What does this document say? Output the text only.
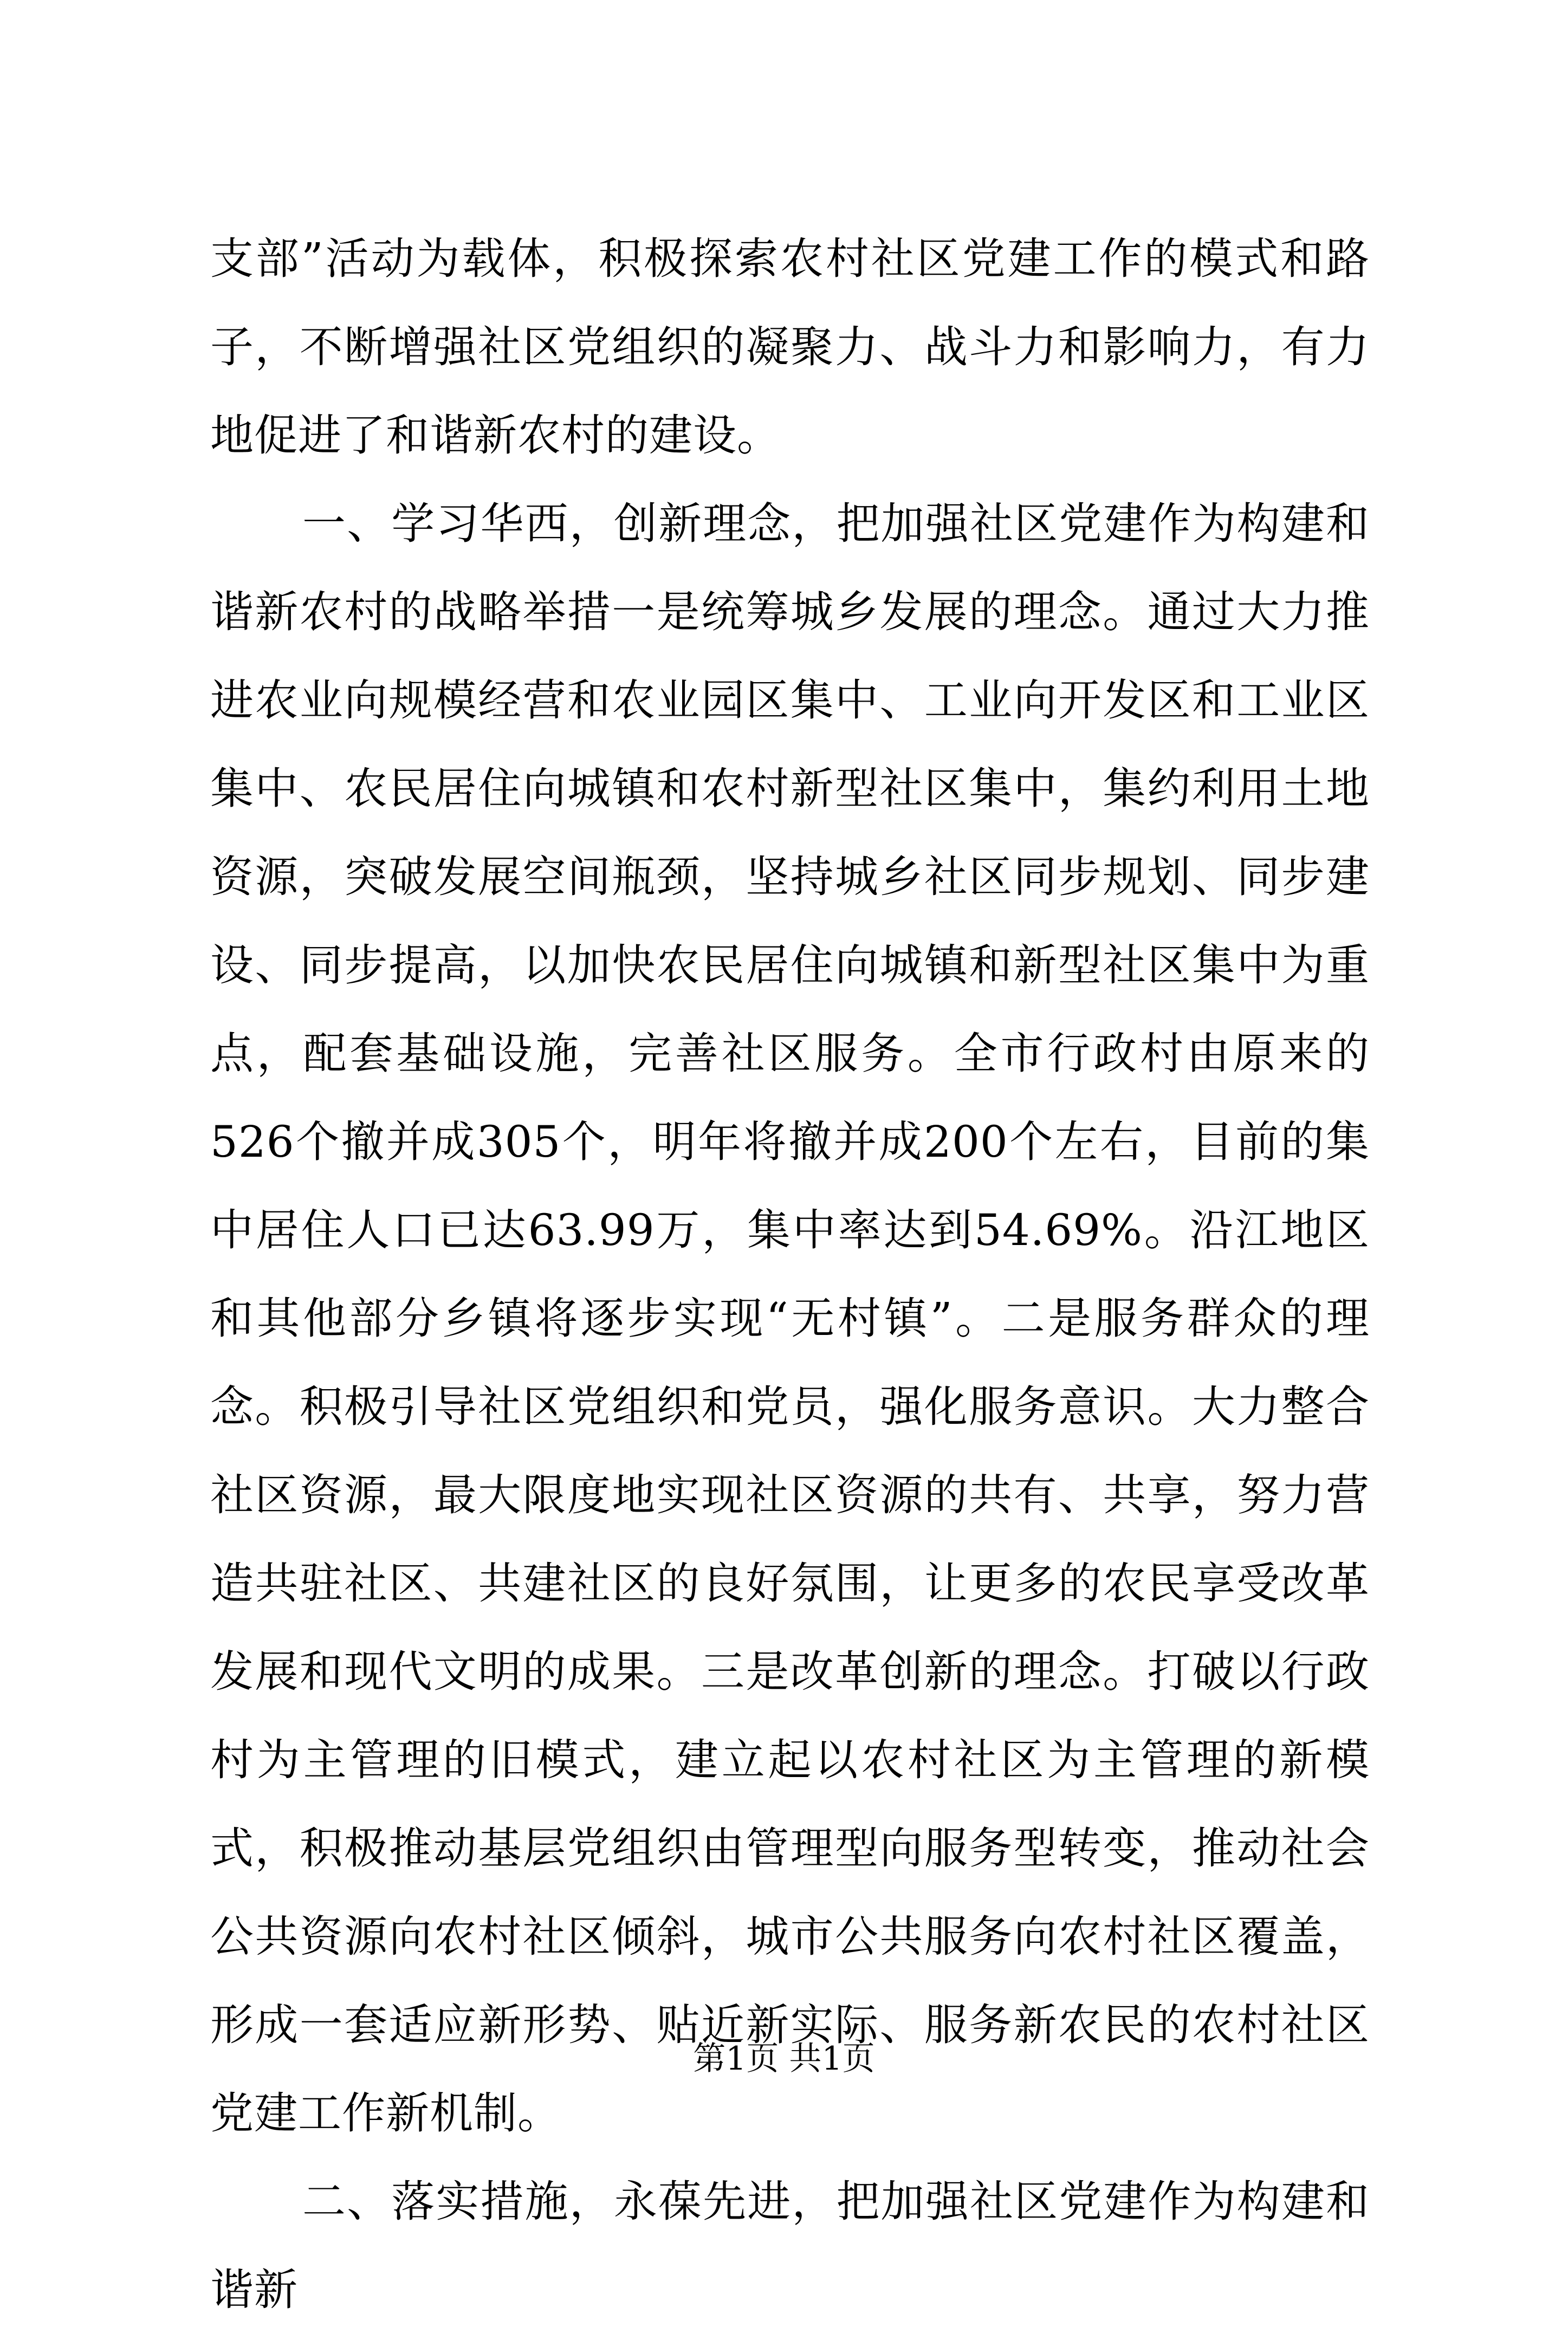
支部”活动为载体，积极探索农村社区党建工作的模式和路子，不断增强社区党组织的凝聚力、战斗力和影响力，有力地促进了和谐新农村的建设。

一、学习华西，创新理念，把加强社区党建作为构建和谐新农村的战略举措一是统筹城乡发展的理念。通过大力推进农业向规模经营和农业园区集中、工业向开发区和工业区集中、农民居住向城镇和农村新型社区集中，集约利用土地资源，突破发展空间瓶颈，坚持城乡社区同步规划、同步建设、同步提高，以加快农民居住向城镇和新型社区集中为重点，配套基础设施，完善社区服务。全市行政村由原来的526个撤并成305个，明年将撤并成200个左右，目前的集中居住人口已达63.99万，集中率达到54.69%。沿江地区和其他部分乡镇将逐步实现“无村镇”。二是服务群众的理念。积极引导社区党组织和党员，强化服务意识。大力整合社区资源，最大限度地实现社区资源的共有、共享，努力营造共驻社区、共建社区的良好氛围，让更多的农民享受改革发展和现代文明的成果。三是改革创新的理念。打破以行政村为主管理的旧模式，建立起以农村社区为主管理的新模式，积极推动基层党组织由管理型向服务型转变，推动社会公共资源向农村社区倾斜，城市公共服务向农村社区覆盖，形成一套适应新形势、贴近新实际、服务新农民的农村社区党建工作新机制。

二、落实措施，永葆先进，把加强社区党建作为构建和谐新

第1页 共1页
